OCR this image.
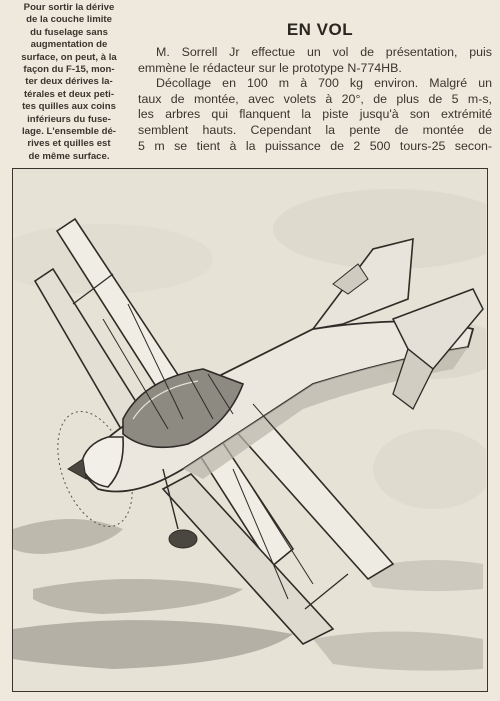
Pour sortir la dérive
de la couche limite
du fuselage sans
augmentation de
surface, on peut, à la
façon du F-15, mon-
ter deux dérives la-
térales et deux peti-
tes quilles aux coins
inférieurs du fuse-
lage. L'ensemble dé-
rives et quilles est
de même surface.
EN VOL
M. Sorrell Jr effectue un vol de présentation, puis
emmène le rédacteur sur le prototype N-774HB.
Décollage en 100 m à 700 kg environ. Malgré un
taux de montée, avec volets à 20°, de plus de 5 m-s,
les arbres qui flanquent la piste jusqu'à son extrémité
semblent hauts. Cependant la pente de montée de
5 m se tient à la puissance de 2 500 tours-25 secon-
